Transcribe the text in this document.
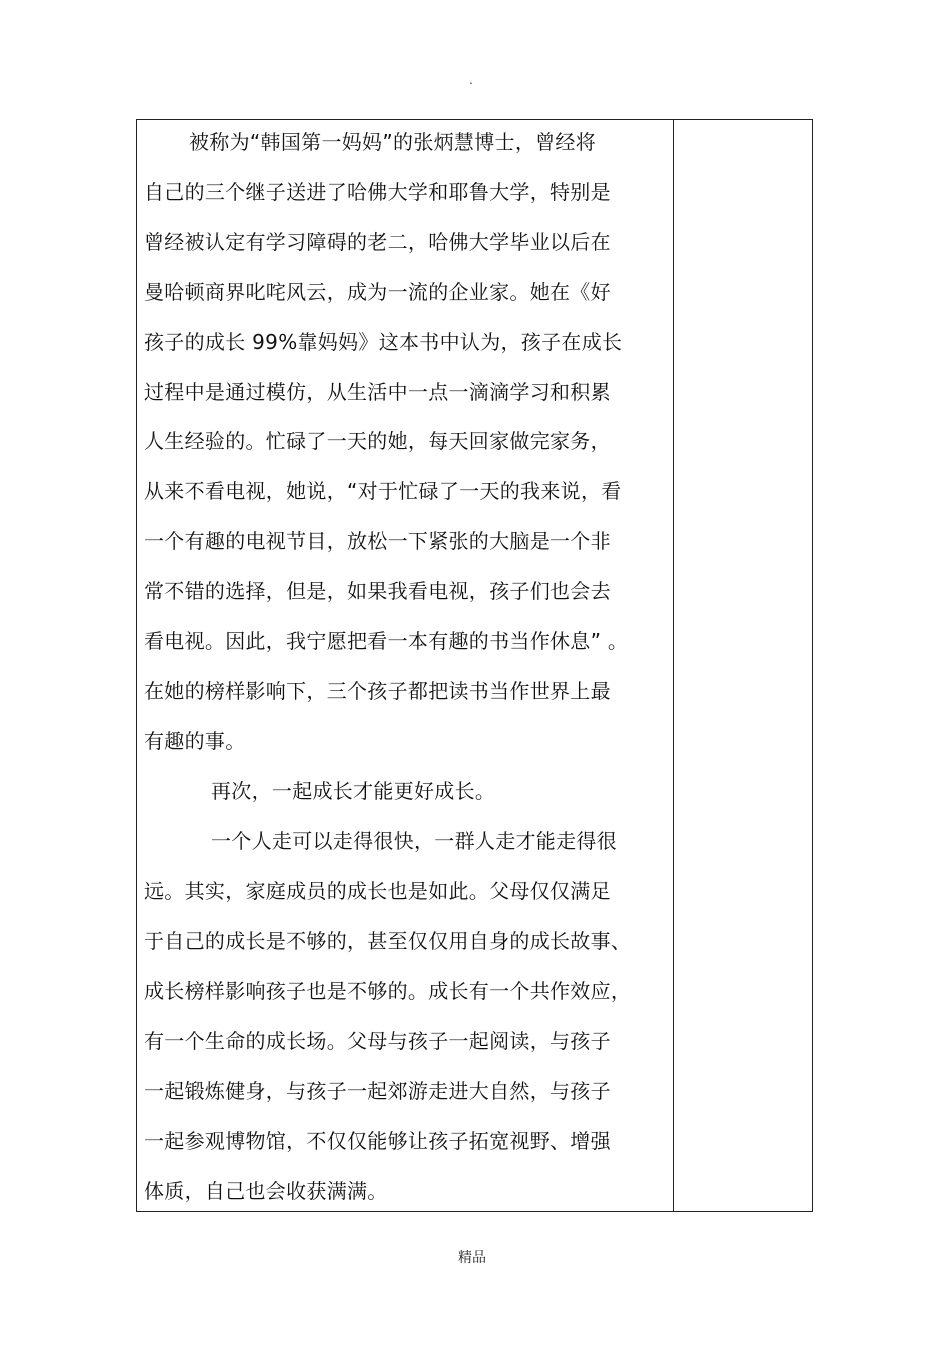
.
被称为“韩国第一妈妈”的张炳慧博士，曾经将
自己的三个继子送进了哈佛大学和耶鲁大学，特别是
曾经被认定有学习障碍的老二，哈佛大学毕业以后在
曼哈顿商界叱咤风云，成为一流的企业家。她在《好
孩子的成长 99%靠妈妈》这本书中认为，孩子在成长
过程中是通过模仿，从生活中一点一滴滴学习和积累
人生经验的。忙碌了一天的她，每天回家做完家务，
从来不看电视，她说，“对于忙碌了一天的我来说，看
一个有趣的电视节目，放松一下紧张的大脑是一个非
常不错的选择，但是，如果我看电视，孩子们也会去
看电视。因此，我宁愿把看一本有趣的书当作休息” 。
在她的榜样影响下，三个孩子都把读书当作世界上最
有趣的事。
再次，一起成长才能更好成长。
一个人走可以走得很快，一群人走才能走得很
远。其实，家庭成员的成长也是如此。父母仅仅满足
于自己的成长是不够的，甚至仅仅用自身的成长故事、
成长榜样影响孩子也是不够的。成长有一个共作效应，
有一个生命的成长场。父母与孩子一起阅读，与孩子
一起锻炼健身，与孩子一起郊游走进大自然，与孩子
一起参观博物馆，不仅仅能够让孩子拓宽视野、增强
体质，自己也会收获满满。
精品
